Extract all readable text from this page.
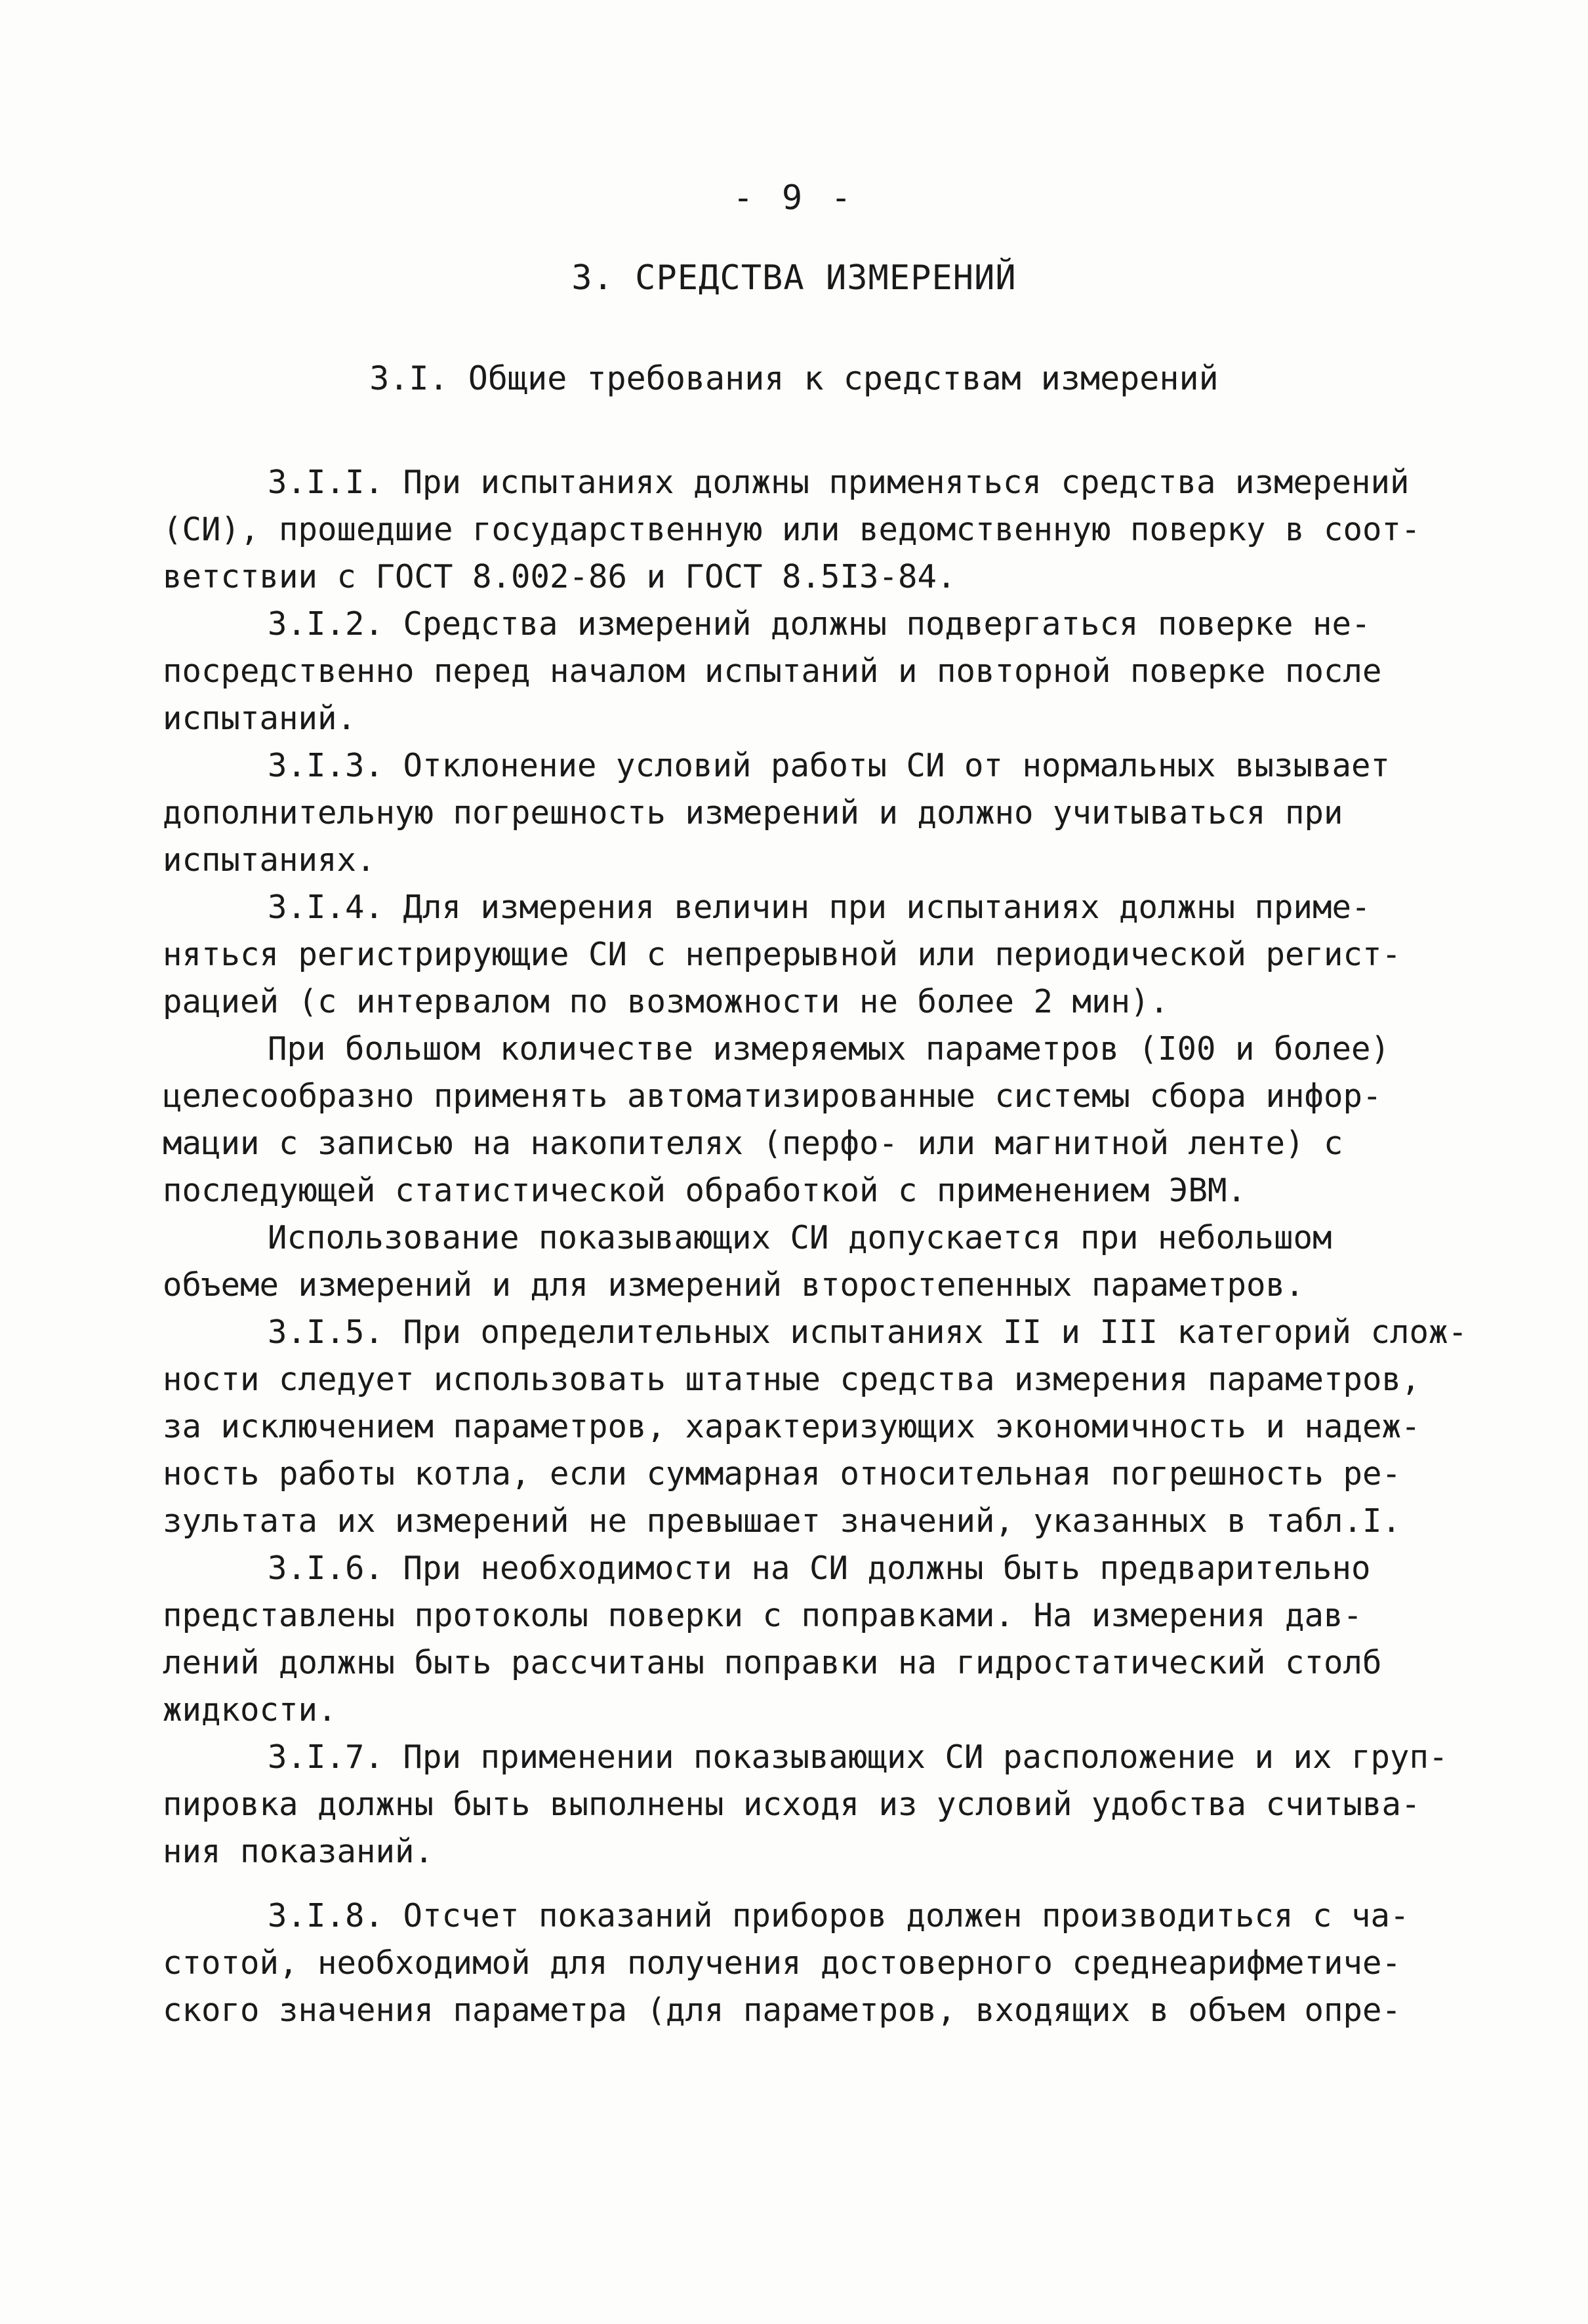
- 9 -
3. СРЕДСТВА ИЗМЕРЕНИЙ
3.I. Общие требования к средствам измерений
3.I.I. При испытаниях должны применяться средства измерений
(СИ), прошедшие государственную или ведомственную поверку в соот-
ветствии с ГОСТ 8.002-86 и ГОСТ 8.5I3-84.
3.I.2. Средства измерений должны подвергаться поверке не-
посредственно перед началом испытаний и повторной поверке после
испытаний.
3.I.3. Отклонение условий работы СИ от нормальных вызывает
дополнительную погрешность измерений и должно учитываться при
испытаниях.
3.I.4. Для измерения величин при испытаниях должны приме-
няться регистрирующие СИ с непрерывной или периодической регист-
рацией (с интервалом по возможности не более 2 мин).
При большом количестве измеряемых параметров (I00 и более)
целесообразно применять автоматизированные системы сбора инфор-
мации с записью на накопителях (перфо- или магнитной ленте) с
последующей статистической обработкой с применением ЭВМ.
Использование показывающих СИ допускается при небольшом
объеме измерений и для измерений второстепенных параметров.
3.I.5. При определительных испытаниях II и III категорий слож-
ности следует использовать штатные средства измерения параметров,
за исключением параметров, характеризующих экономичность и надеж-
ность работы котла, если суммарная относительная погрешность ре-
зультата их измерений не превышает значений, указанных в табл.I.
3.I.6. При необходимости на СИ должны быть предварительно
представлены протоколы поверки с поправками. На измерения дав-
лений должны быть рассчитаны поправки на гидростатический столб
жидкости.
3.I.7. При применении показывающих СИ расположение и их груп-
пировка должны быть выполнены исходя из условий удобства считыва-
ния показаний.
3.I.8. Отсчет показаний приборов должен производиться с ча-
стотой, необходимой для получения достоверного среднеарифметиче-
ского значения параметра (для параметров, входящих в объем опре-
